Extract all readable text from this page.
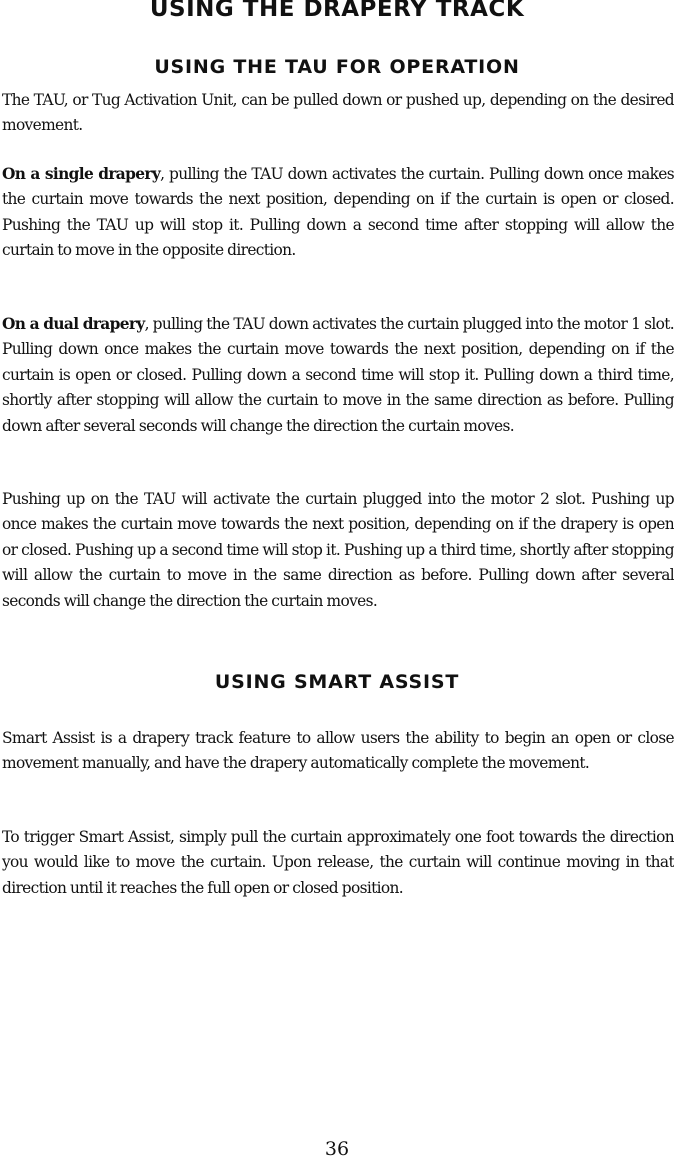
USING THE DRAPERY TRACK
USING THE TAU FOR OPERATION

The TAU, or Tug Activation Unit, can be pulled down or pushed up, depending on the desired movement.

On a single drapery, pulling the TAU down activates the curtain. Pulling down once makes the curtain move towards the next position, depending on if the curtain is open or closed. Pushing the TAU up will stop it. Pulling down a second time after stopping will allow the curtain to move in the opposite direction.

On a dual drapery, pulling the TAU down activates the curtain plugged into the motor 1 slot. Pulling down once makes the curtain move towards the next position, depending on if the curtain is open or closed. Pulling down a second time will stop it. Pulling down a third time, shortly after stopping will allow the curtain to move in the same direction as before. Pulling down after several seconds will change the direction the curtain moves.

Pushing up on the TAU will activate the curtain plugged into the motor 2 slot. Pushing up once makes the curtain move towards the next position, depending on if the drapery is open or closed. Pushing up a second time will stop it. Pushing up a third time, shortly after stopping will allow the curtain to move in the same direction as before. Pulling down after several seconds will change the direction the curtain moves.

USING SMART ASSIST

Smart Assist is a drapery track feature to allow users the ability to begin an open or close movement manually, and have the drapery automatically complete the movement.

To trigger Smart Assist, simply pull the curtain approximately one foot towards the direction you would like to move the curtain. Upon release, the curtain will continue moving in that direction until it reaches the full open or closed position.

36
